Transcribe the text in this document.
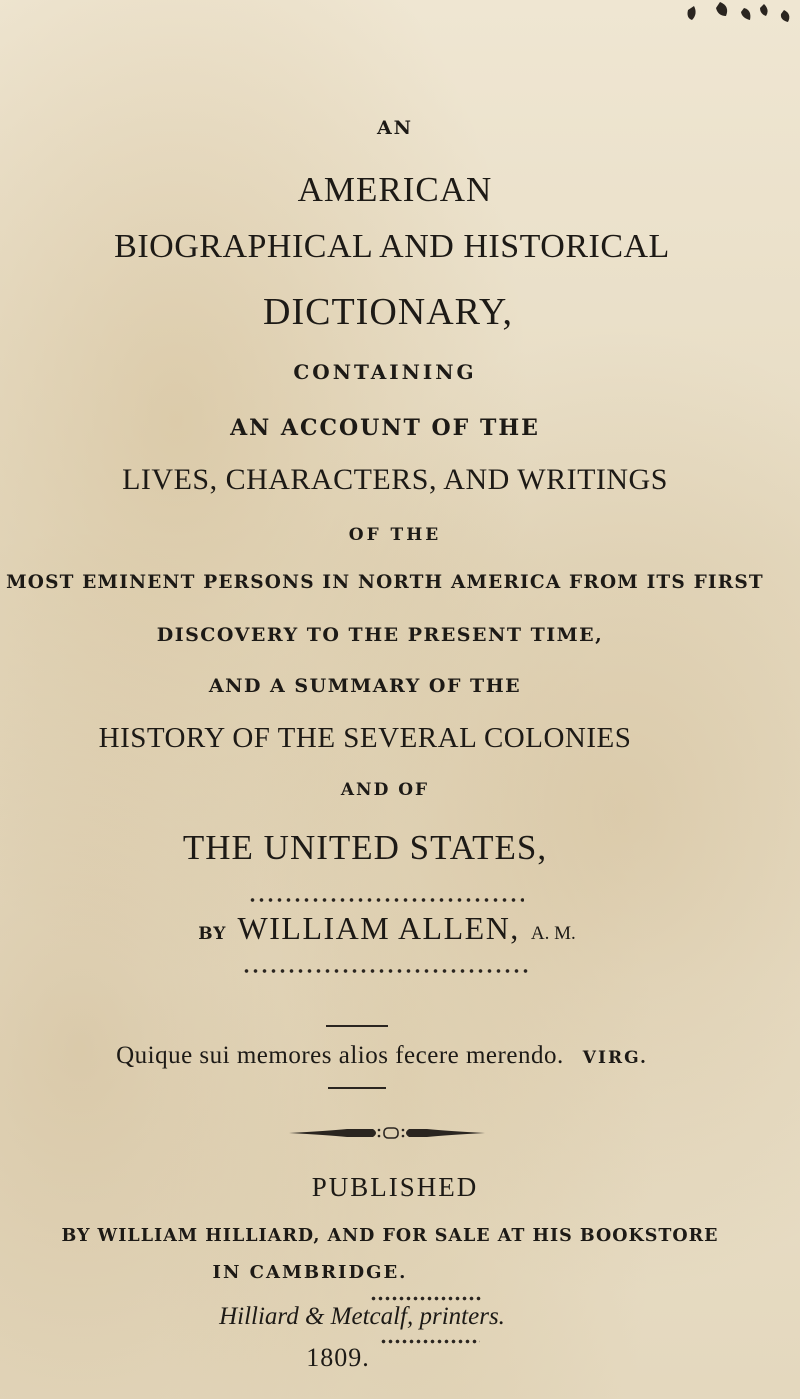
AN
AMERICAN
BIOGRAPHICAL AND HISTORICAL
DICTIONARY,
CONTAINING
AN ACCOUNT OF THE
LIVES, CHARACTERS, AND WRITINGS
OF THE
MOST EMINENT PERSONS IN NORTH AMERICA FROM ITS FIRST
DISCOVERY TO THE PRESENT TIME,
AND A SUMMARY OF THE
HISTORY OF THE SEVERAL COLONIES
AND OF
THE UNITED STATES,
BY WILLIAM ALLEN, A. M.
Quique sui memores alios fecere merendo. VIRG.
PUBLISHED
BY WILLIAM HILLIARD, AND FOR SALE AT HIS BOOKSTORE
IN CAMBRIDGE.
Hilliard & Metcalf, printers.
1809.
